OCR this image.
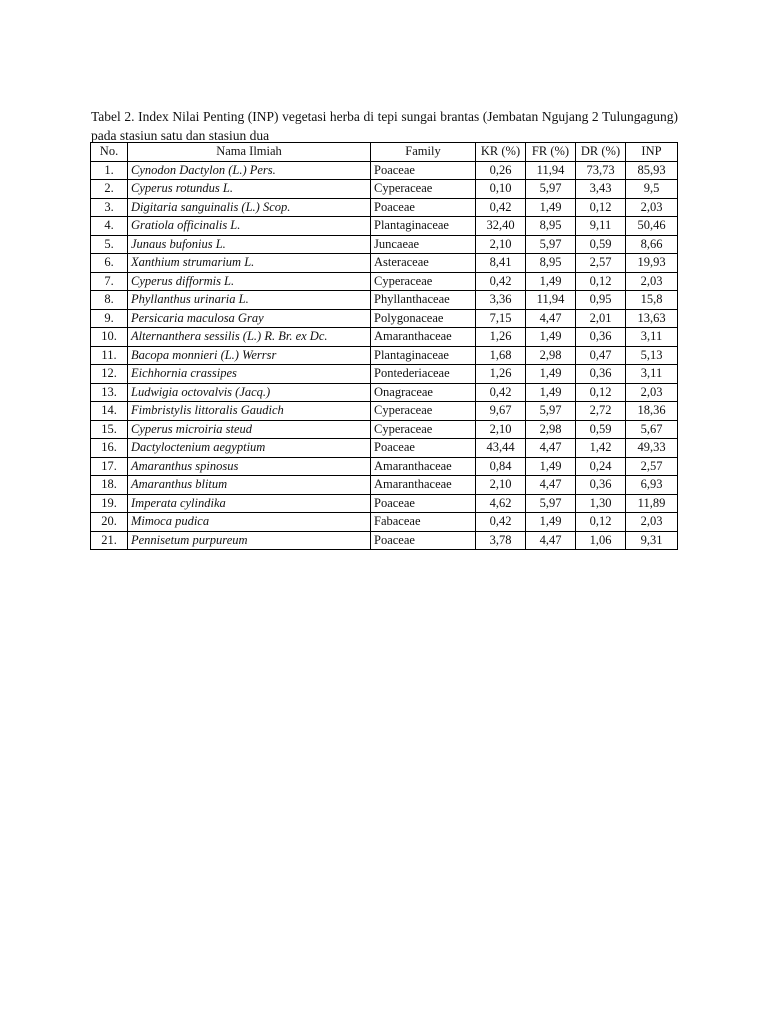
Tabel 2. Index Nilai Penting (INP) vegetasi herba di tepi sungai brantas (Jembatan Ngujang 2 Tulungagung) pada stasiun satu dan stasiun dua

No.	Nama Ilmiah	Family	KR (%)	FR (%)	DR (%)	INP
1.	Cynodon Dactylon (L.) Pers.	Poaceae	0,26	11,94	73,73	85,93
2.	Cyperus rotundus L.	Cyperaceae	0,10	5,97	3,43	9,5
3.	Digitaria sanguinalis (L.) Scop.	Poaceae	0,42	1,49	0,12	2,03
4.	Gratiola officinalis L.	Plantaginaceae	32,40	8,95	9,11	50,46
5.	Junaus bufonius L.	Juncaeae	2,10	5,97	0,59	8,66
6.	Xanthium strumarium L.	Asteraceae	8,41	8,95	2,57	19,93
7.	Cyperus difformis L.	Cyperaceae	0,42	1,49	0,12	2,03
8.	Phyllanthus urinaria L.	Phyllanthaceae	3,36	11,94	0,95	15,8
9.	Persicaria maculosa Gray	Polygonaceae	7,15	4,47	2,01	13,63
10.	Alternanthera sessilis (L.) R. Br. ex Dc.	Amaranthaceae	1,26	1,49	0,36	3,11
11.	Bacopa monnieri (L.) Werrsr	Plantaginaceae	1,68	2,98	0,47	5,13
12.	Eichhornia crassipes	Pontederiaceae	1,26	1,49	0,36	3,11
13.	Ludwigia octovalvis (Jacq.)	Onagraceae	0,42	1,49	0,12	2,03
14.	Fimbristylis littoralis Gaudich	Cyperaceae	9,67	5,97	2,72	18,36
15.	Cyperus microiria steud	Cyperaceae	2,10	2,98	0,59	5,67
16.	Dactyloctenium aegyptium	Poaceae	43,44	4,47	1,42	49,33
17.	Amaranthus spinosus	Amaranthaceae	0,84	1,49	0,24	2,57
18.	Amaranthus blitum	Amaranthaceae	2,10	4,47	0,36	6,93
19.	Imperata cylindika	Poaceae	4,62	5,97	1,30	11,89
20.	Mimoca pudica	Fabaceae	0,42	1,49	0,12	2,03
21.	Pennisetum purpureum	Poaceae	3,78	4,47	1,06	9,31
